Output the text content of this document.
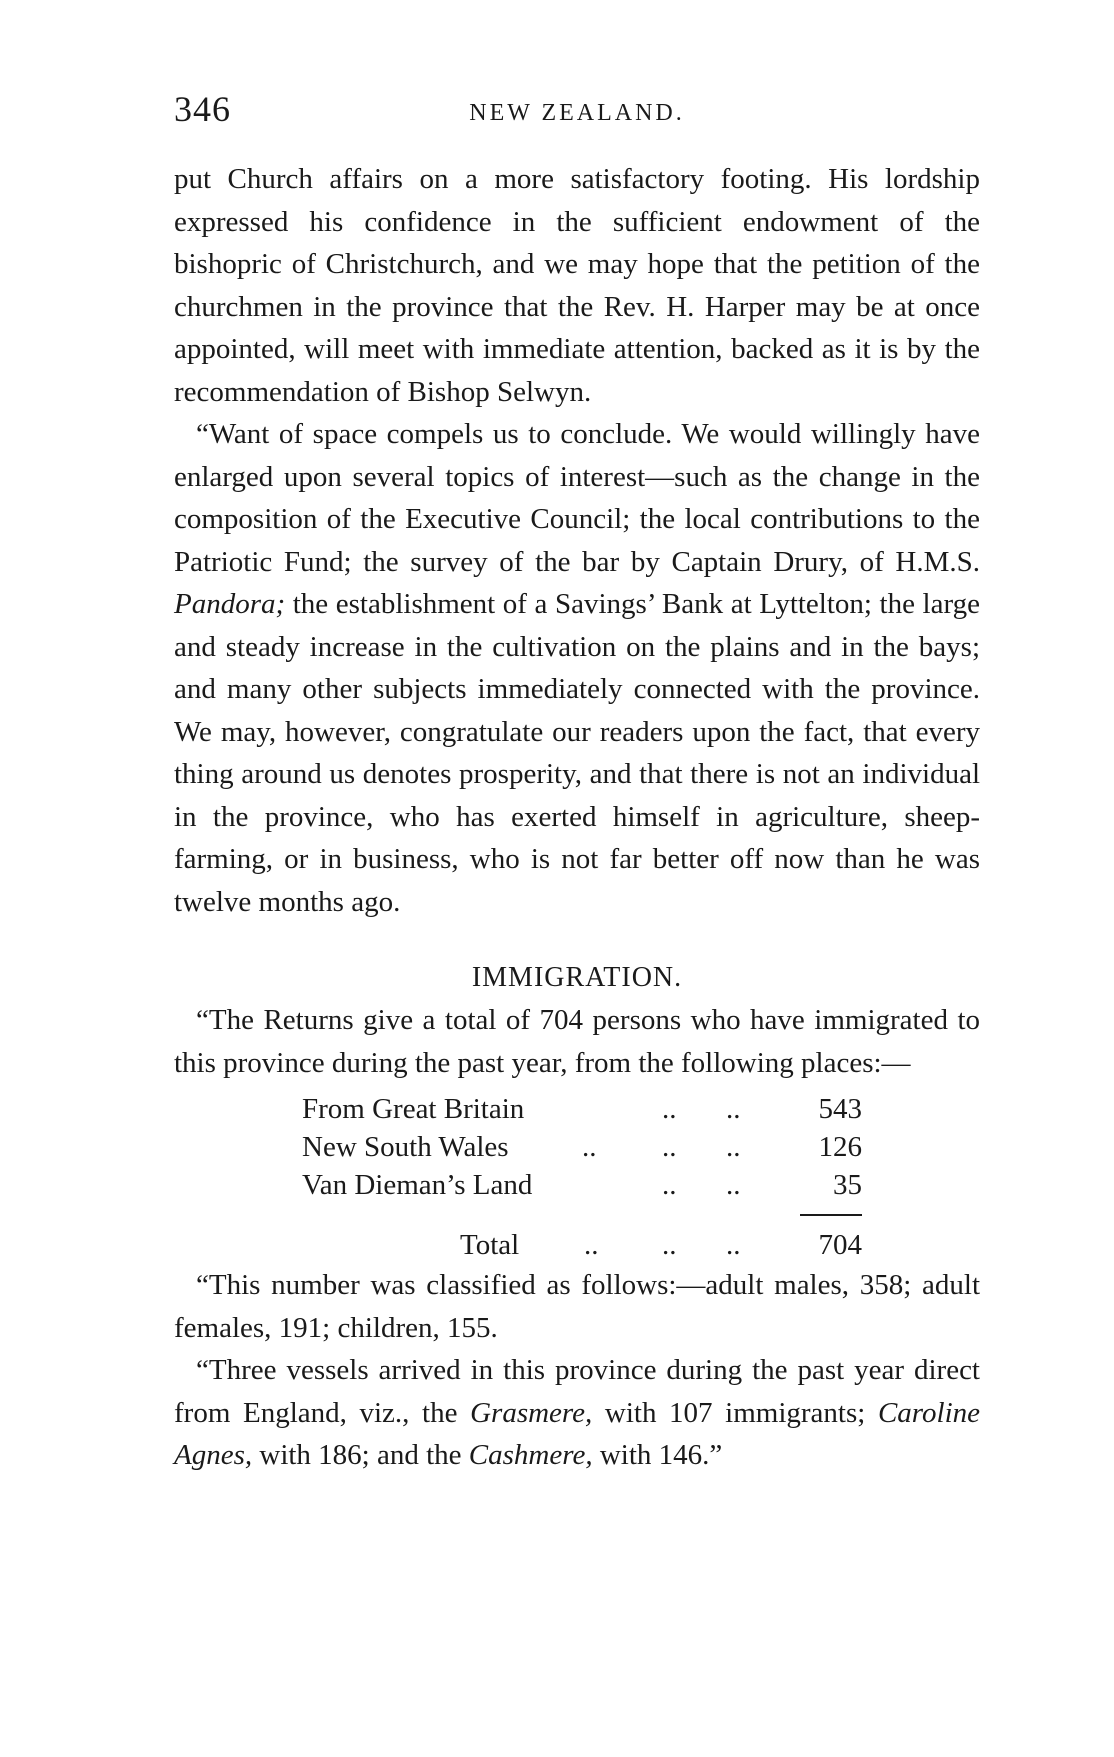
346	NEW ZEALAND.

put Church affairs on a more satisfactory footing. His lordship expressed his confidence in the sufficient endowment of the bishopric of Christchurch, and we may hope that the petition of the churchmen in the province that the Rev. H. Harper may be at once appointed, will meet with immediate attention, backed as it is by the recommendation of Bishop Selwyn.

“Want of space compels us to conclude. We would willingly have enlarged upon several topics of interest—such as the change in the composition of the Executive Council; the local contributions to the Patriotic Fund; the survey of the bar by Captain Drury, of H.M.S. Pandora; the establishment of a Savings’ Bank at Lyttelton; the large and steady increase in the cultivation on the plains and in the bays; and many other subjects immediately connected with the province. We may, however, congratulate our readers upon the fact, that every thing around us denotes prosperity, and that there is not an individual in the province, who has exerted himself in agriculture, sheep-farming, or in business, who is not far better off now than he was twelve months ago.

IMMIGRATION.

“The Returns give a total of 704 persons who have immigrated to this province during the past year, from the following places:—

From Great Britain	.. ..	543
New South Wales	.. .. ..	126
Van Dieman’s Land	.. ..	35
Total .. .. ..	704

“This number was classified as follows:—adult males, 358; adult females, 191; children, 155.

“Three vessels arrived in this province during the past year direct from England, viz., the Grasmere, with 107 immigrants; Caroline Agnes, with 186; and the Cashmere, with 146.”
